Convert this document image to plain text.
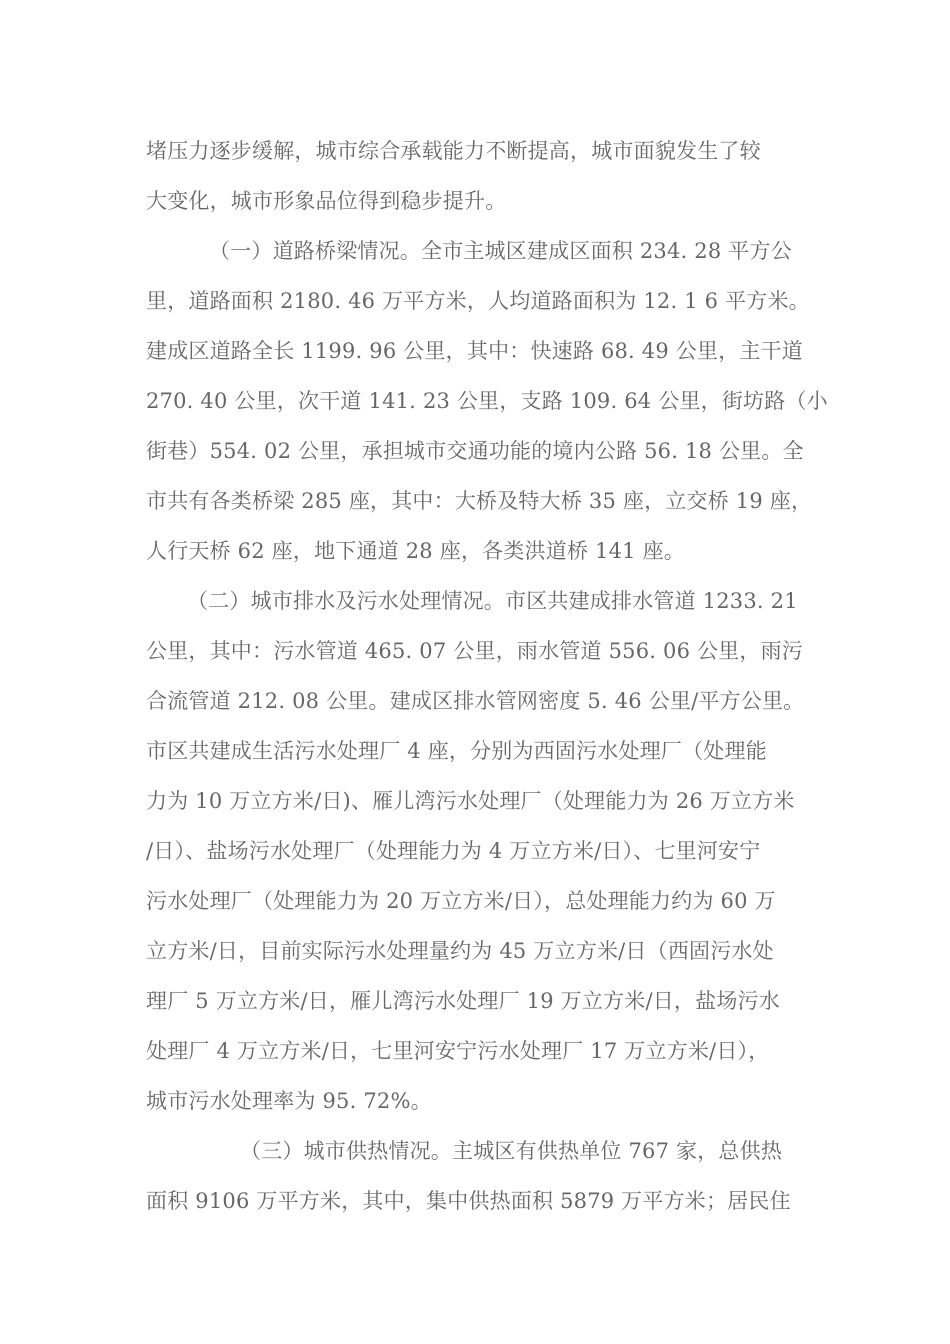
堵压力逐步缓解，城市综合承载能力不断提高，城市面貌发生了较
大变化，城市形象品位得到稳步提升。
（一）道路桥梁情况。全市主城区建成区面积 234. 28 平方公
里，道路面积 2180. 46 万平方米，人均道路面积为 12. 1 6 平方米。
建成区道路全长 1199. 96 公里，其中：快速路 68. 49 公里，主干道
270. 40 公里，次干道 141. 23 公里，支路 109. 64 公里，街坊路（小
街巷）554. 02 公里，承担城市交通功能的境内公路 56. 18 公里。全
市共有各类桥梁 285 座，其中：大桥及特大桥 35 座，立交桥 19 座，
人行天桥 62 座，地下通道 28 座，各类洪道桥 141 座。
（二）城市排水及污水处理情况。市区共建成排水管道 1233. 21
公里，其中：污水管道 465. 07 公里，雨水管道 556. 06 公里，雨污
合流管道 212. 08 公里。建成区排水管网密度 5. 46 公里/平方公里。
市区共建成生活污水处理厂 4 座，分别为西固污水处理厂（处理能
力为 10 万立方米/日)、雁儿湾污水处理厂（处理能力为 26 万立方米
/日）、盐场污水处理厂（处理能力为 4 万立方米/日）、七里河安宁
污水处理厂（处理能力为 20 万立方米/日），总处理能力约为 60 万
立方米/日，目前实际污水处理量约为 45 万立方米/日（西固污水处
理厂 5 万立方米/日，雁儿湾污水处理厂 19 万立方米/日，盐场污水
处理厂 4 万立方米/日，七里河安宁污水处理厂 17 万立方米/日），
城市污水处理率为 95. 72%。
（三）城市供热情况。主城区有供热单位 767 家，总供热
面积 9106 万平方米，其中，集中供热面积 5879 万平方米；居民住
